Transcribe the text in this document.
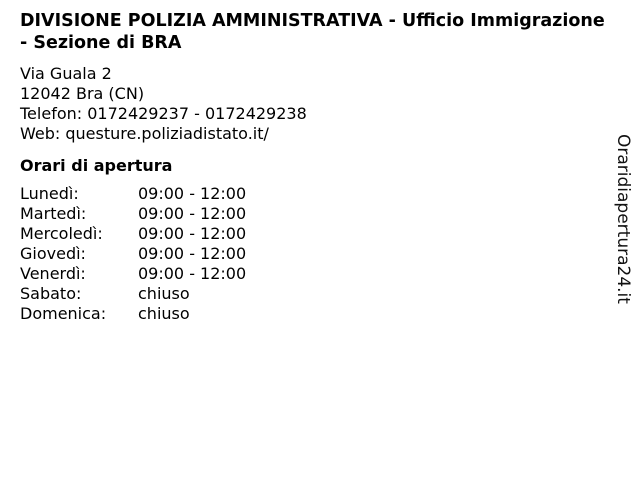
DIVISIONE POLIZIA AMMINISTRATIVA - Ufficio Immigrazione - Sezione di BRA
Via Guala 2
12042 Bra (CN)
Telefon: 0172429237 - 0172429238
Web: questure.poliziadistato.it/
Orari di apertura
Lunedì:	09:00 - 12:00
Martedì:	09:00 - 12:00
Mercoledì:	09:00 - 12:00
Giovedì:	09:00 - 12:00
Venerdì:	09:00 - 12:00
Sabato:	chiuso
Domenica:	chiuso
Oraridiapertura24.it
